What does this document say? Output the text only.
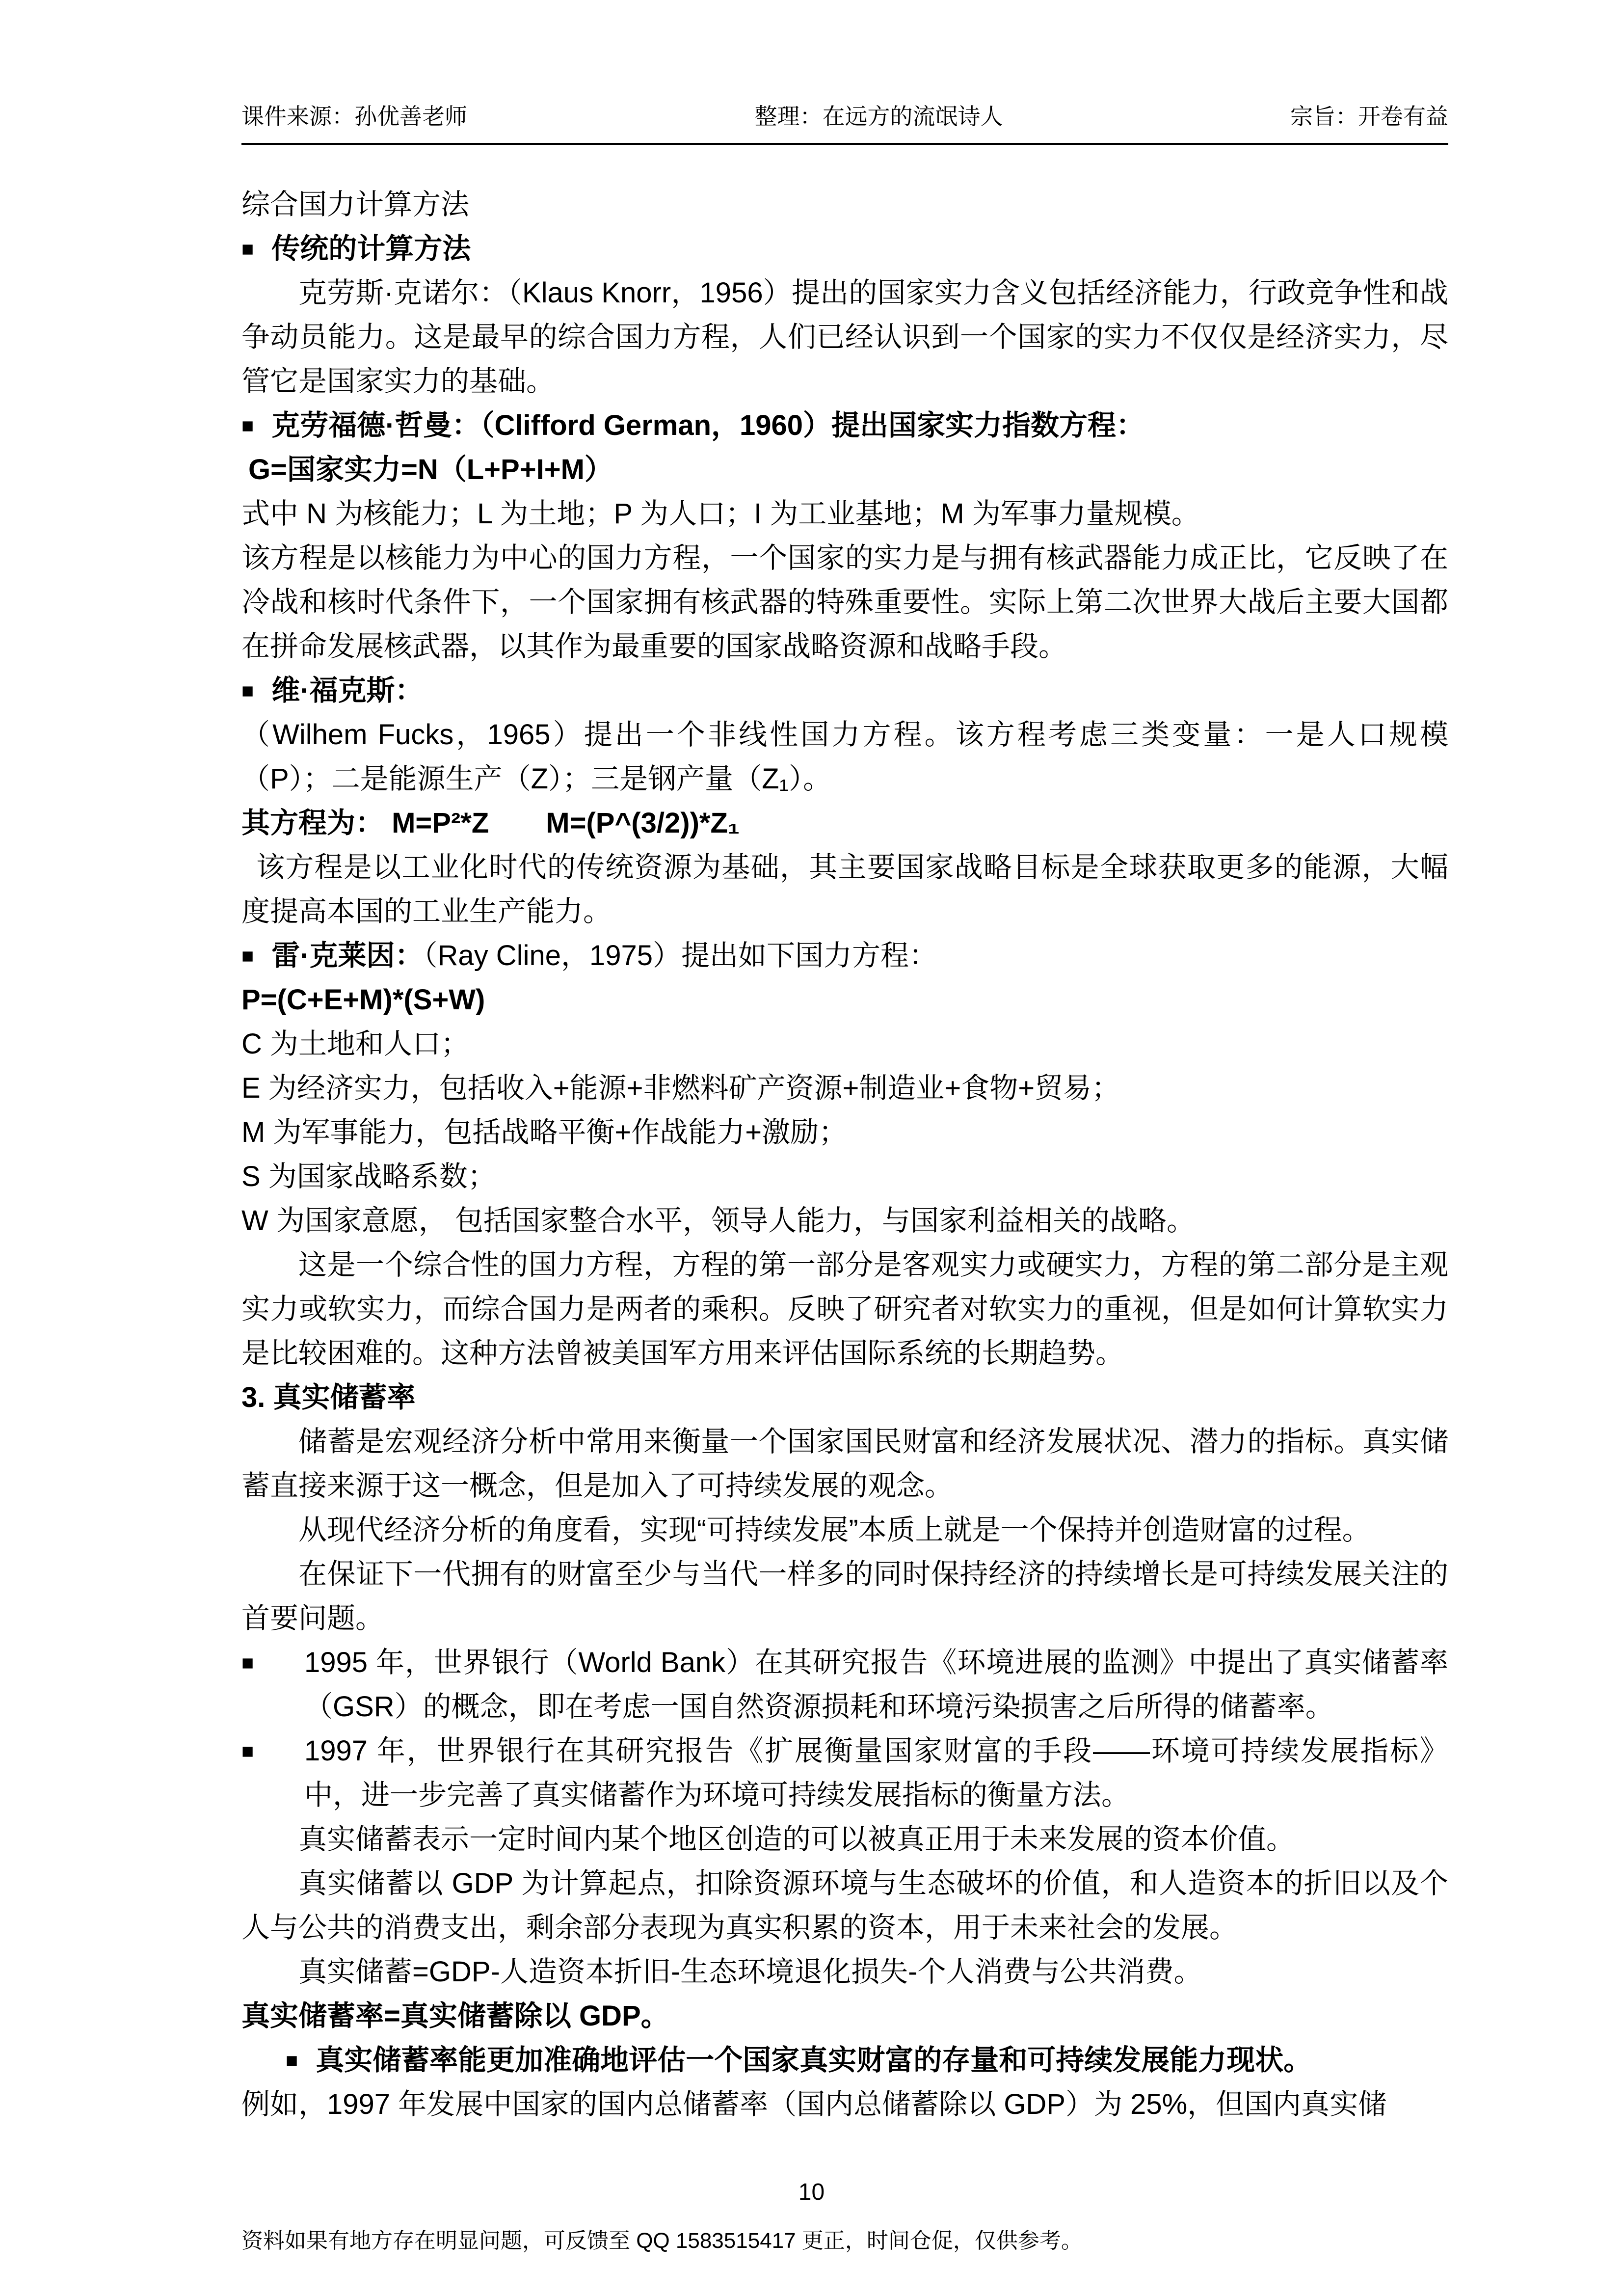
课件来源：孙优善老师	整理：在远方的流氓诗人	宗旨：开卷有益
综合国力计算方法
■ 传统的计算方法
克劳斯·克诺尔：（Klaus Knorr，1956）提出的国家实力含义包括经济能力，行政竞争性和战争动员能力。这是最早的综合国力方程，人们已经认识到一个国家的实力不仅仅是经济实力，尽管它是国家实力的基础。
■ 克劳福德·哲曼：（Clifford German，1960）提出国家实力指数方程：
G=国家实力=N（L+P+I+M）
式中 N 为核能力；L 为土地；P 为人口；I 为工业基地；M 为军事力量规模。
该方程是以核能力为中心的国力方程，一个国家的实力是与拥有核武器能力成正比，它反映了在冷战和核时代条件下，一个国家拥有核武器的特殊重要性。实际上第二次世界大战后主要大国都在拼命发展核武器，以其作为最重要的国家战略资源和战略手段。
■ 维·福克斯：
（Wilhem Fucks，1965）提出一个非线性国力方程。该方程考虑三类变量：一是人口规模（P）；二是能源生产（Z）；三是钢产量（Z₁）。
其方程为： M=P²*Z　　M=(P^(3/2))*Z₁
该方程是以工业化时代的传统资源为基础，其主要国家战略目标是全球获取更多的能源，大幅度提高本国的工业生产能力。
■ 雷·克莱因：（Ray Cline，1975）提出如下国力方程：
P=(C+E+M)*(S+W)
C 为土地和人口；
E 为经济实力，包括收入+能源+非燃料矿产资源+制造业+食物+贸易；
M 为军事能力，包括战略平衡+作战能力+激励；
S 为国家战略系数；
W 为国家意愿， 包括国家整合水平，领导人能力，与国家利益相关的战略。
这是一个综合性的国力方程，方程的第一部分是客观实力或硬实力，方程的第二部分是主观实力或软实力，而综合国力是两者的乘积。反映了研究者对软实力的重视，但是如何计算软实力是比较困难的。这种方法曾被美国军方用来评估国际系统的长期趋势。
3. 真实储蓄率
储蓄是宏观经济分析中常用来衡量一个国家国民财富和经济发展状况、潜力的指标。真实储蓄直接来源于这一概念，但是加入了可持续发展的观念。
从现代经济分析的角度看，实现“可持续发展”本质上就是一个保持并创造财富的过程。
在保证下一代拥有的财富至少与当代一样多的同时保持经济的持续增长是可持续发展关注的首要问题。
■ 1995 年，世界银行（World Bank）在其研究报告《环境进展的监测》中提出了真实储蓄率（GSR）的概念，即在考虑一国自然资源损耗和环境污染损害之后所得的储蓄率。
■ 1997 年，世界银行在其研究报告《扩展衡量国家财富的手段——环境可持续发展指标》中，进一步完善了真实储蓄作为环境可持续发展指标的衡量方法。
真实储蓄表示一定时间内某个地区创造的可以被真正用于未来发展的资本价值。
真实储蓄以 GDP 为计算起点，扣除资源环境与生态破坏的价值，和人造资本的折旧以及个人与公共的消费支出，剩余部分表现为真实积累的资本，用于未来社会的发展。
真实储蓄=GDP-人造资本折旧-生态环境退化损失-个人消费与公共消费。
真实储蓄率=真实储蓄除以 GDP。
■ 真实储蓄率能更加准确地评估一个国家真实财富的存量和可持续发展能力现状。
例如，1997 年发展中国家的国内总储蓄率（国内总储蓄除以 GDP）为 25%，但国内真实储
10
资料如果有地方存在明显问题，可反馈至 QQ 1583515417 更正，时间仓促，仅供参考。
